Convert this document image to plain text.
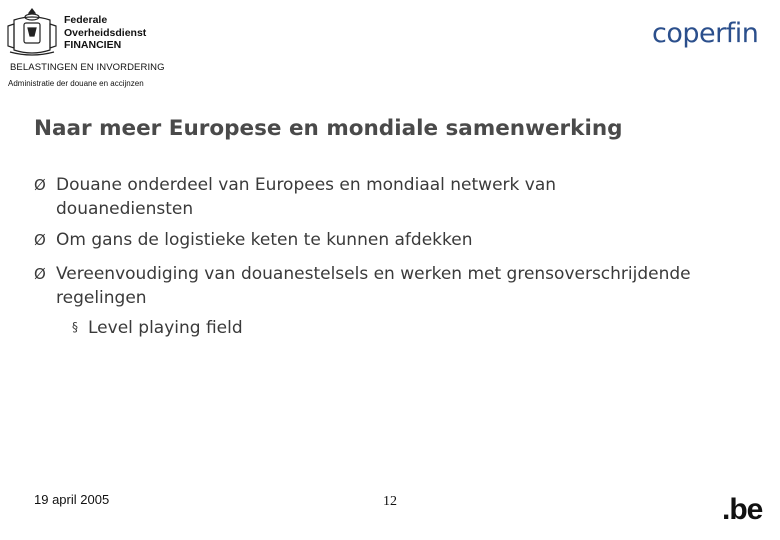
Federale
Overheidsdienst
FINANCIEN
BELASTINGEN EN INVORDERING
Administratie der douane en accijnzen
coperfin
Naar meer Europese en mondiale samenwerking
Ø Douane onderdeel van Europees en mondiaal netwerk van douanediensten
Ø Om gans de logistieke keten te kunnen afdekken
Ø Vereenvoudiging van douanestelsels en werken met grensoverschrijdende regelingen
§ Level playing field
19 april 2005	12	.be
